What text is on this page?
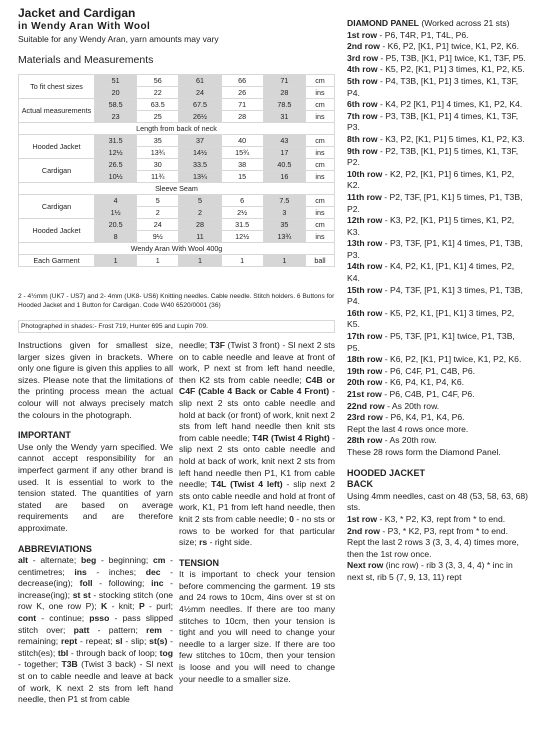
Jacket and Cardigan
in Wendy Aran With Wool
Suitable for any Wendy Aran, yarn amounts may vary
Materials and Measurements
To fit chest sizes	51	56	61	66	71	cm
	20	22	24	26	28	ins
Actual measurements	58.5	63.5	67.5	71	78.5	cm
	23	25	26½	28	31	ins
Length from back of neck						
Hooded Jacket	31.5	35	37	40	43	cm
	12½	13¾	14½	15¾	17	ins
Cardigan	26.5	30	33.5	38	40.5	cm
	10½	11¾	13¼	15	16	ins
Sleeve Seam						
Cardigan	4	5	5	6	7.5	cm
	1½	2	2	2½	3	ins
Hooded Jacket	20.5	24	28	31.5	35	cm
	8	9½	11	12½	13¾	ins
Wendy Aran With Wool 400g						
Each Garment	1	1	1	1	1	ball
2 - 4½mm (UK7 - US7) and 2- 4mm (UK8- US6) Knitting needles. Cable needle. Stitch holders. 6 Buttons for Hooded Jacket and 1 Button for Cardigan. Code W40 6520/0001 (36)
Photographed in shades:- Frost 719, Hunter 695 and Lupin 709.

Instructions given for smallest size, larger sizes given in brackets. Where only one figure is given this applies to all sizes. Please note that the limitations of the printing process mean the actual colour will not always precisely match the colours in the photograph.

IMPORTANT

Use only the Wendy yarn specified. We cannot accept responsibility for an imperfect garment if any other brand is used. It is essential to work to the tension stated. The quantities of yarn stated are based on average requirements and are therefore approximate.

ABBREVIATIONS

alt - alternate; beg - beginning; cm - centimetres; ins - inches; dec - decrease(ing); foll - following; inc - increase(ing); st st - stocking stitch (one row K, one row P); K - knit; P - purl; cont - continue; psso - pass slipped stitch over; patt - pattern; rem - remaining; rept - repeat; sl - slip; st(s) - stitch(es); tbl - through back of loop; tog - together; T3B (Twist 3 back) - Sl next st on to cable needle and leave at back of work, K next 2 sts from left hand needle, then P1 st from cable

needle; T3F (Twist 3 front) - Sl next 2 sts on to cable needle and leave at front of work, P next st from left hand needle, then K2 sts from cable needle; C4B or C4F (Cable 4 Back or Cable 4 Front) - slip next 2 sts onto cable needle and hold at back (or front) of work, knit next 2 sts from left hand needle then knit sts from cable needle; T4R (Twist 4 Right) - slip next 2 sts onto cable needle and hold at back of work, knit next 2 sts from left hand needle then P1, K1 from cable needle; T4L (Twist 4 left) - slip next 2 sts onto cable needle and hold at front of work, K1, P1 from left hand needle, then knit 2 sts from cable needle; 0 - no sts or rows to be worked for that particular size; rs - right side.

TENSION

It is important to check your tension before commencing the garment. 19 sts and 24 rows to 10cm, 4ins over st st on 4½mm needles. If there are too many stitches to 10cm, then your tension is tight and you will need to change your needle to a larger size. If there are too few stitches to 10cm, then your tension is loose and you will need to change your needle to a smaller size.

DIAMOND PANEL (Worked across 21 sts)

1st row - P6, T4R, P1, T4L, P6.

2nd row - K6, P2, [K1, P1] twice, K1, P2, K6.

3rd row - P5, T3B, [K1, P1] twice, K1, T3F, P5.

4th row - K5, P2, [K1, P1] 3 times, K1, P2, K5.

5th row - P4, T3B, [K1, P1] 3 times, K1, T3F, P4.

6th row - K4, P2 [K1, P1] 4 times, K1, P2, K4.

7th row - P3, T3B, [K1, P1] 4 times, K1, T3F, P3.

8th row - K3, P2, [K1, P1] 5 times, K1, P2, K3.

9th row - P2, T3B, [K1, P1] 5 times, K1, T3F, P2.

10th row - K2, P2, [K1, P1] 6 times, K1, P2, K2.

11th row - P2, T3F, [P1, K1] 5 times, P1, T3B, P2.

12th row - K3, P2, [K1, P1] 5 times, K1, P2, K3.

13th row - P3, T3F, [P1, K1] 4 times, P1, T3B, P3.

14th row - K4, P2, K1, [P1, K1] 4 times, P2, K4.

15th row - P4, T3F, [P1, K1] 3 times, P1, T3B, P4.

16th row - K5, P2, K1, [P1, K1] 3 times, P2, K5.

17th row - P5, T3F, [P1, K1] twice, P1, T3B, P5.

18th row - K6, P2, [K1, P1] twice, K1, P2, K6.

19th row - P6, C4F, P1, C4B, P6.

20th row - K6, P4, K1, P4, K6.

21st row - P6, C4B, P1, C4F, P6.

22nd row - As 20th row.

23rd row - P6, K4, P1, K4, P6.

Rept the last 4 rows once more.

28th row - As 20th row.

These 28 rows form the Diamond Panel.

HOODED JACKET
BACK

Using 4mm needles, cast on 48 (53, 58, 63, 68) sts.

1st row - K3, * P2, K3, rept from * to end.

2nd row - P3, * K2, P3, rept from * to end.

Rept the last 2 rows 3 (3, 3, 4, 4) times more, then the 1st row once.

Next row (inc row) - rib 3 (3, 3, 4, 4) * inc in next st, rib 5 (7, 9, 13, 11) rept
